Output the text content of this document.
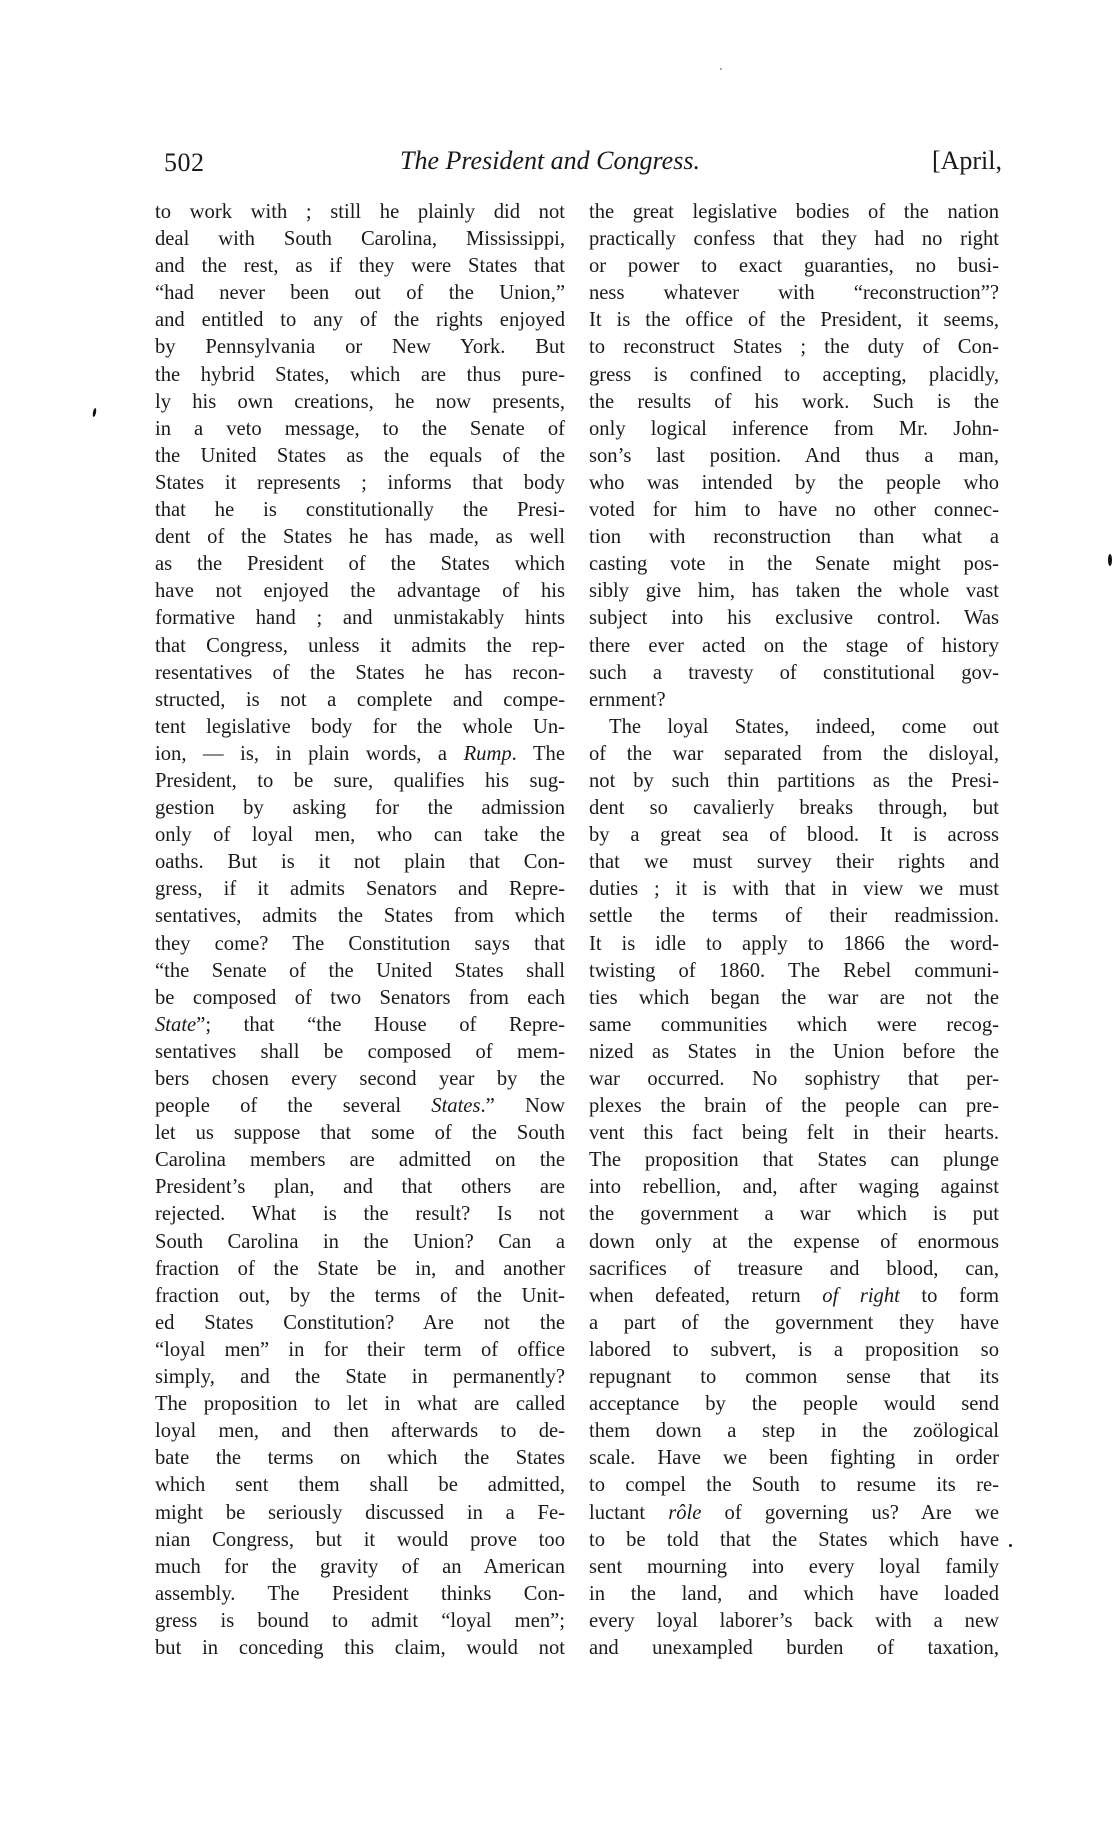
502	The President and Congress.	[April,
to work with ; still he plainly did not
deal with South Carolina, Mississippi,
and the rest, as if they were States that
“had never been out of the Union,”
and entitled to any of the rights enjoyed
by Pennsylvania or New York. But
the hybrid States, which are thus pure-
ly his own creations, he now presents,
in a veto message, to the Senate of
the United States as the equals of the
States it represents ; informs that body
that he is constitutionally the Presi-
dent of the States he has made, as well
as the President of the States which
have not enjoyed the advantage of his
formative hand ; and unmistakably hints
that Congress, unless it admits the rep-
resentatives of the States he has recon-
structed, is not a complete and compe-
tent legislative body for the whole Un-
ion, — is, in plain words, a Rump. The
President, to be sure, qualifies his sug-
gestion by asking for the admission
only of loyal men, who can take the
oaths. But is it not plain that Con-
gress, if it admits Senators and Repre-
sentatives, admits the States from which
they come? The Constitution says that
“the Senate of the United States shall
be composed of two Senators from each
State”; that “the House of Repre-
sentatives shall be composed of mem-
bers chosen every second year by the
people of the several States.” Now
let us suppose that some of the South
Carolina members are admitted on the
President’s plan, and that others are
rejected. What is the result? Is not
South Carolina in the Union? Can a
fraction of the State be in, and another
fraction out, by the terms of the Unit-
ed States Constitution? Are not the
“loyal men” in for their term of office
simply, and the State in permanently?
The proposition to let in what are called
loyal men, and then afterwards to de-
bate the terms on which the States
which sent them shall be admitted,
might be seriously discussed in a Fe-
nian Congress, but it would prove too
much for the gravity of an American
assembly. The President thinks Con-
gress is bound to admit “loyal men”;
but in conceding this claim, would not
the great legislative bodies of the nation
practically confess that they had no right
or power to exact guaranties, no busi-
ness whatever with “reconstruction”?
It is the office of the President, it seems,
to reconstruct States ; the duty of Con-
gress is confined to accepting, placidly,
the results of his work. Such is the
only logical inference from Mr. John-
son’s last position. And thus a man,
who was intended by the people who
voted for him to have no other connec-
tion with reconstruction than what a
casting vote in the Senate might pos-
sibly give him, has taken the whole vast
subject into his exclusive control. Was
there ever acted on the stage of history
such a travesty of constitutional gov-
ernment?
The loyal States, indeed, come out
of the war separated from the disloyal,
not by such thin partitions as the Presi-
dent so cavalierly breaks through, but
by a great sea of blood. It is across
that we must survey their rights and
duties ; it is with that in view we must
settle the terms of their readmission.
It is idle to apply to 1866 the word-
twisting of 1860. The Rebel communi-
ties which began the war are not the
same communities which were recog-
nized as States in the Union before the
war occurred. No sophistry that per-
plexes the brain of the people can pre-
vent this fact being felt in their hearts.
The proposition that States can plunge
into rebellion, and, after waging against
the government a war which is put
down only at the expense of enormous
sacrifices of treasure and blood, can,
when defeated, return of right to form
a part of the government they have
labored to subvert, is a proposition so
repugnant to common sense that its
acceptance by the people would send
them down a step in the zoölogical
scale. Have we been fighting in order
to compel the South to resume its re-
luctant rôle of governing us? Are we
to be told that the States which have
sent mourning into every loyal family
in the land, and which have loaded
every loyal laborer’s back with a new
and unexampled burden of taxation,
